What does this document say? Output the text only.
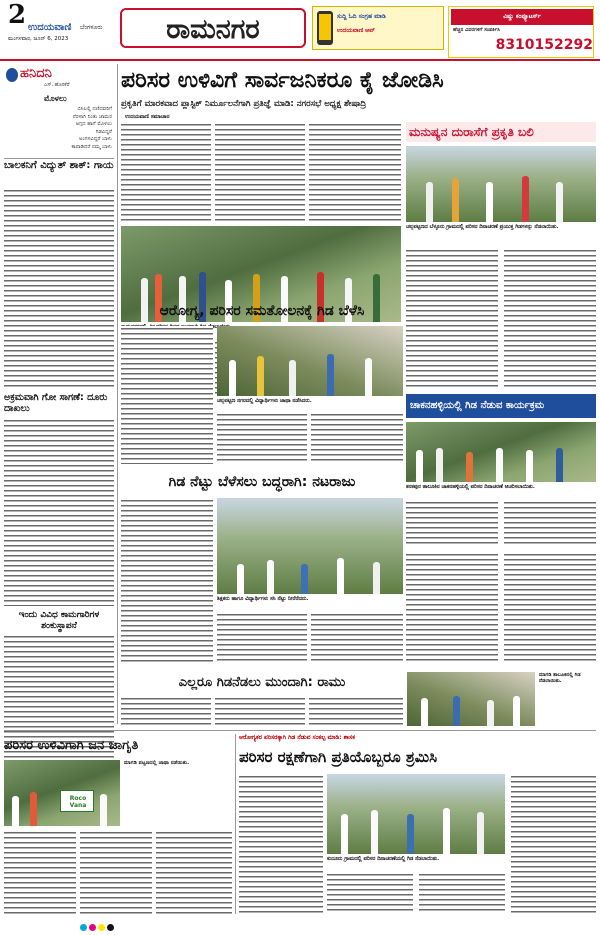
2 ಉದಯವಾಣಿ ಬೆಂಗಳೂರು
ಮಂಗಳವಾರ, ಜೂನ್ 6, 2023	ರಾಮನಗರ	ಸುದ್ದಿ ಓದಿ ಸಂಗ್ರಹ ಮಾಡಿ
ಉದಯವಾಣಿ ಆಪ್
ವಿಷ್ಣು ಕಂಪ್ಯೂಟರ್ಸ್
ಹೆಚ್ಚಿನ ವಿವರಗಳಿಗೆ ಸಂಪರ್ಕಿಸಿ
8310152292
ಹನಿದನಿ
ಎಸ್. ಹೊನಕೆರೆ
ಮೊಳಲು
ಬಿಸಿಲಲ್ಲಿ ದಣಿದವರಿಗೆ
ನೆರಳಾಗಿ ನಿಂತು ಚಾಮರ
ಅಗ್ಗದ ಹಾಗೆ ಮೊಳಲು
ಗಿಡವಿದ್ದರೆ
ಅಂಗಳವಿದ್ದರೆ ಬಾಳು
ಕಾಪಾಡಿದರೆ ನಮ್ಮ ಬಾಳು
ಬಾಲಕನಿಗೆ ವಿದ್ಯುತ್ ಶಾಕ್: ಗಾಯ
ಅಕ್ರಮವಾಗಿ ಗೋ ಸಾಗಣೆ: ದೂರು ದಾಖಲು
ಇಂದು ವಿವಿಧ ಕಾಮಗಾರಿಗಳ ಶಂಕುಸ್ಥಾಪನೆ
ಪರಿಸರ ಉಳಿವಿಗೆ ಸಾರ್ವಜನಿಕರೂ ಕೈ ಜೋಡಿಸಿ
ಪ್ರಕೃತಿಗೆ ಮಾರಕವಾದ ಪ್ಲಾಸ್ಟಿಕ್ ನಿರ್ಮೂಲನೆಗಾಗಿ ಪ್ರತಿಜ್ಞೆ ಮಾಡಿ: ನಗರಸಭೆ ಅಧ್ಯಕ್ಷ ಶೇಷಾದ್ರಿ
ಉದಯವಾಣಿ ಸಮಾಚಾರ
ಮನುಷ್ಯನ ದುರಾಸೆಗೆ ಪ್ರಕೃತಿ ಬಲಿ
ಚನ್ನಪಟ್ಟಣದ ಬೆಳ್ಳೂರು ಗ್ರಾಮದಲ್ಲಿ ಪರಿಸರ ದಿನಾಚರಣೆ ಪ್ರಯುಕ್ತ ಗಿಡಗಳನ್ನು ನೆಡಲಾಯಿತು.
ಆರೋಗ್ಯ, ಪರಿಸರ ಸಮತೋಲನಕ್ಕೆ ಗಿಡ ಬೆಳೆಸಿ
ಚನ್ನಪಟ್ಟಣ ನಗರದಲ್ಲಿ ವಿದ್ಯಾರ್ಥಿಗಳು ಜಾಥಾ ನಡೆಸಿದರು.	ಚಾಕನಹಳ್ಳಿಯಲ್ಲಿ ಗಿಡ ನೆಡುವ ಕಾರ್ಯಕ್ರಮ
ಕನಕಪುರ ತಾಲೂಕಿನ ಚಾಕನಹಳ್ಳಿಯಲ್ಲಿ ಪರಿಸರ ದಿನಾಚರಣೆ ಆಚರಿಸಲಾಯಿತು.
ಗಿಡ ನೆಟ್ಟು ಬೆಳೆಸಲು ಬದ್ಧರಾಗಿ: ನಟರಾಜು
ಶಿಕ್ಷಕರು ಹಾಗೂ ವಿದ್ಯಾರ್ಥಿಗಳು ಸಸಿ ನೆಟ್ಟು ನೀರೆರೆದರು.
ಎಲ್ಲರೂ ಗಿಡನೆಡಲು ಮುಂದಾಗಿ: ರಾಮು	ಮಾಗಡಿ ತಾಲೂಕಿನಲ್ಲಿ ಗಿಡ ನೆಡಲಾಯಿತು.
ಪರಿಸರ ಉಳಿವಿಗಾಗಿ ಜನ ಜಾಗೃತಿ
Roco Vana
ಮಾಗಡಿ ಪಟ್ಟಣದಲ್ಲಿ ಜಾಥಾ ನಡೆಯಿತು.
ಆರೋಗ್ಯಕರ ಪರಿಸರಕ್ಕಾಗಿ ಗಿಡ ನೆಡುವ ಸಂಕಲ್ಪ ಮಾಡಿ: ಶಾಸಕ
ಪರಿಸರ ರಕ್ಷಣೆಗಾಗಿ ಪ್ರತಿಯೊಬ್ಬರೂ ಶ್ರಮಿಸಿ
ಕುದೂರು ಗ್ರಾಮದಲ್ಲಿ ಪರಿಸರ ದಿನಾಚರಣೆಯಲ್ಲಿ ಗಿಡ ನೆಡಲಾಯಿತು.
